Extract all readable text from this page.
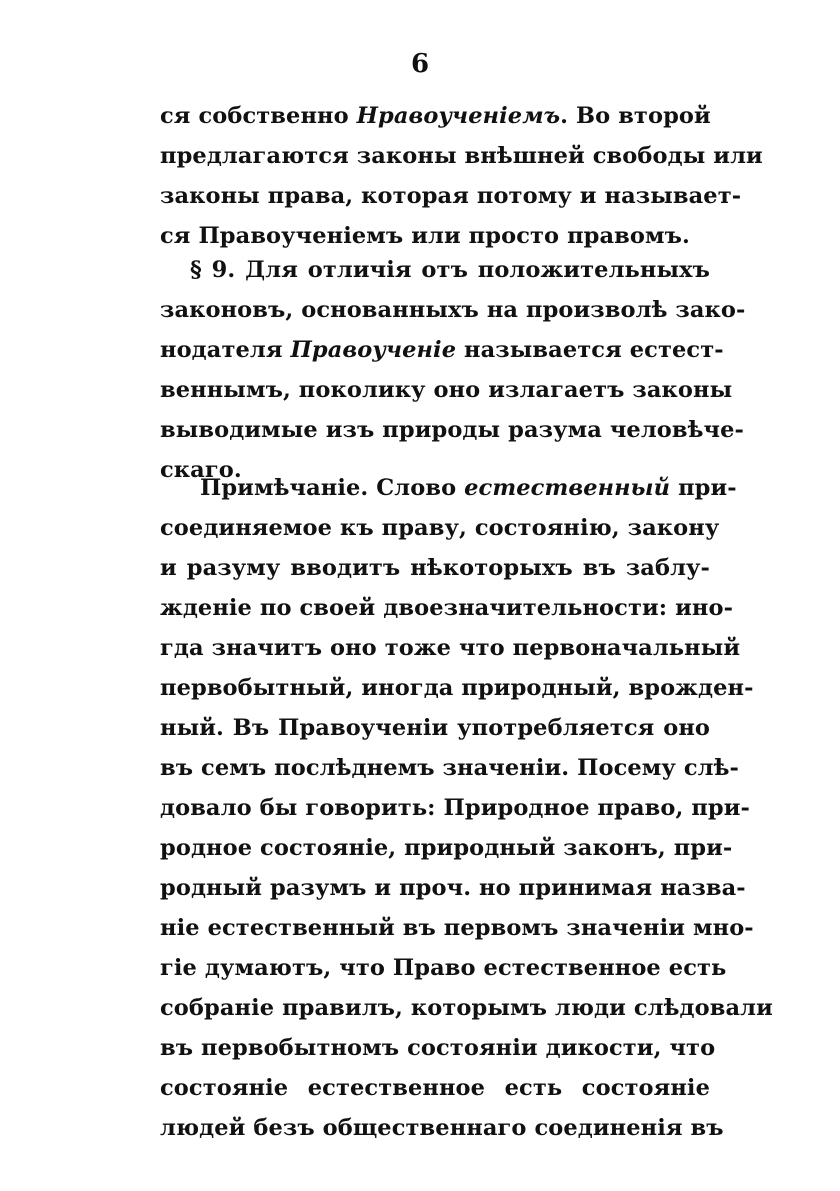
6
ся собственно Нравоученіемъ. Во второй
предлагаются законы внѣшней свободы или
законы права, которая потому и называет-
ся Правоученіемъ или просто правомъ.
§ 9. Для отличія отъ положительныхъ
законовъ, основанныхъ на произволѣ зако-
нодателя Правоученіе называется естест-
веннымъ, поколику оно излагаетъ законы
выводимые изъ природы разума человѣче-
скаго.
Примѣчаніе. Слово естественный при-
соединяемое къ праву, состоянію, закону
и разуму вводитъ нѣкоторыхъ въ заблу-
жденіе по своей двоезначительности: ино-
гда значитъ оно тоже что первоначальный
первобытный, иногда природный, врожден-
ный. Въ Правоученіи употребляется оно
въ семъ послѣднемъ значеніи. Посему слѣ-
довало бы говорить: Природное право, при-
родное состояніе, природный законъ, при-
родный разумъ и проч. но принимая назва-
ніе естественный въ первомъ значеніи мно-
гіе думаютъ, что Право естественное есть
собраніе правилъ, которымъ люди слѣдовали
въ первобытномъ состояніи дикости, что
состояніе естественное есть состояніе
людей безъ общественнаго соединенія въ
